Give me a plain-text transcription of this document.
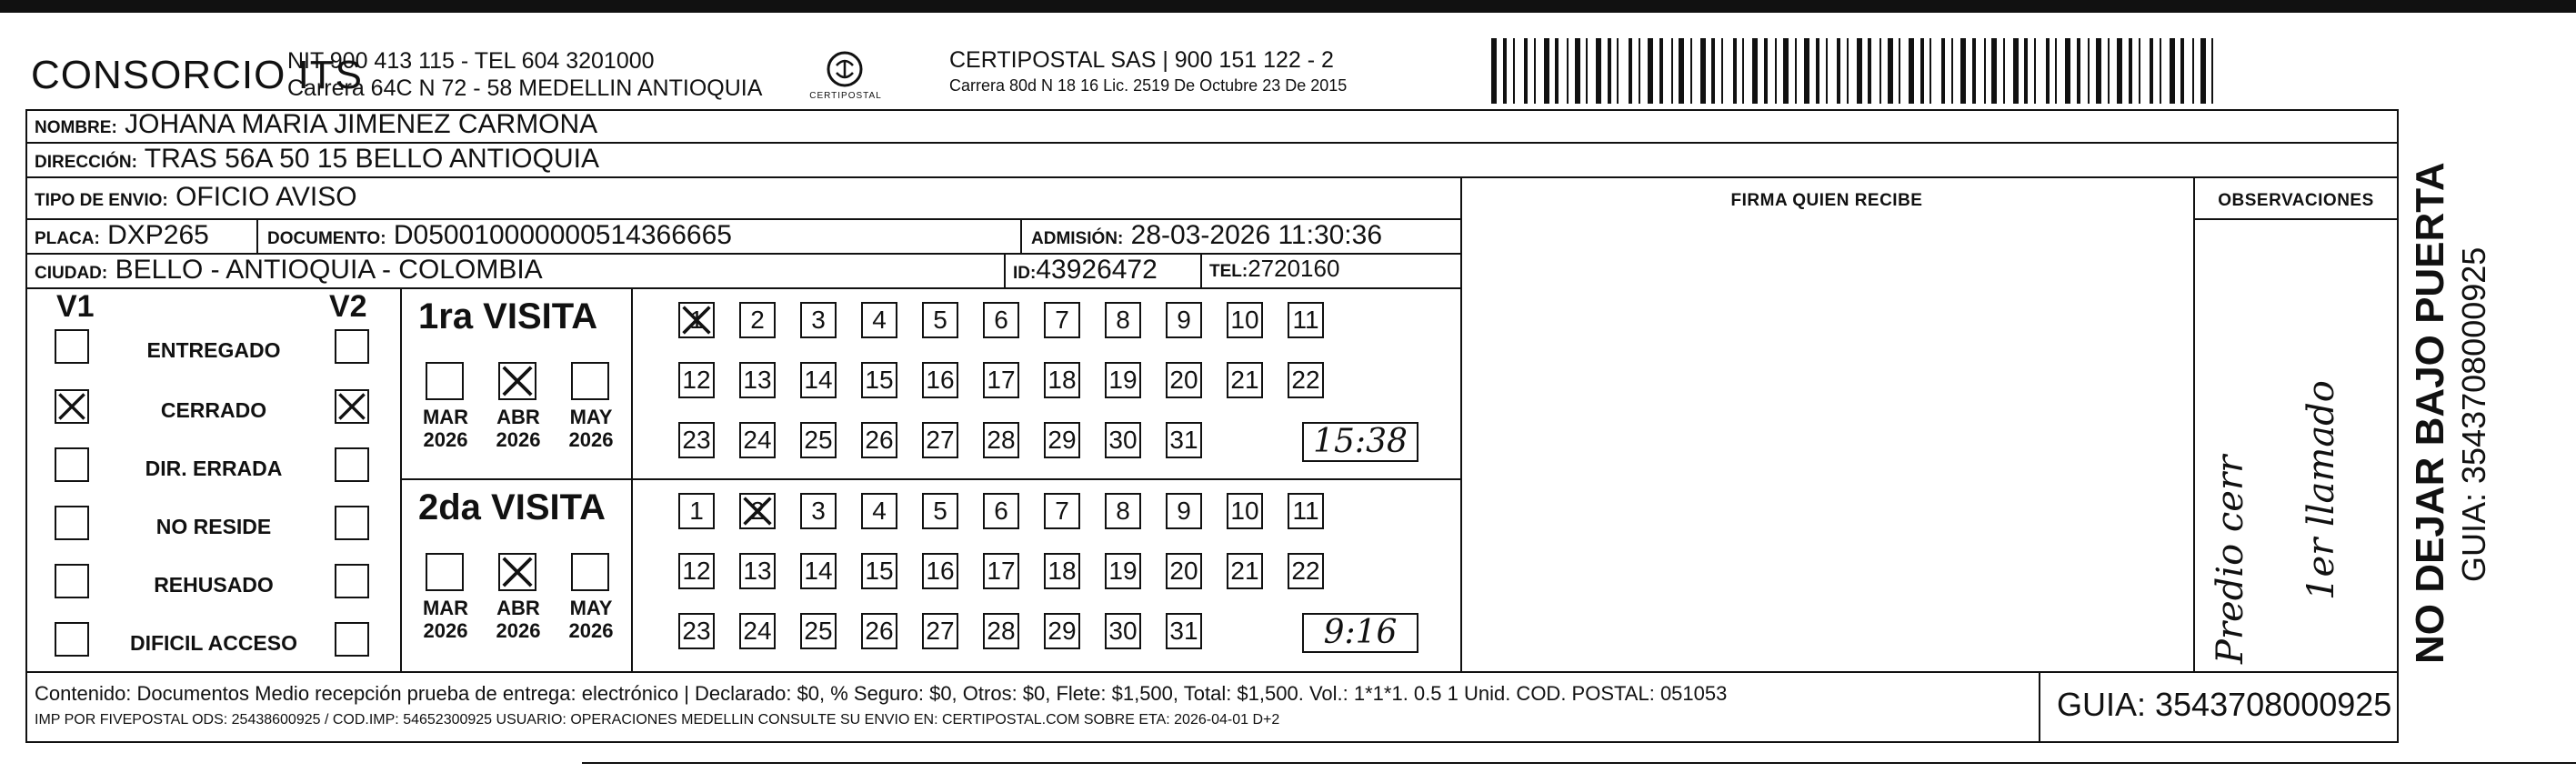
CONSORCIO ITS
NIT 900 413 115 - TEL 604 3201000
Carrera 64C N 72 - 58 MEDELLIN ANTIOQUIA	CERTIPOSTAL
CERTIPOSTAL SAS | 900 151 122 - 2
Carrera 80d N 18 16 Lic. 2519 De Octubre 23 De 2015
NOMBRE: JOHANA MARIA JIMENEZ CARMONA
DIRECCIÓN: TRAS 56A 50 15 BELLO ANTIOQUIA
TIPO DE ENVIO: OFICIO AVISO	FIRMA QUIEN RECIBE	OBSERVACIONES
PLACA: DXP265	DOCUMENTO: D050010000000514366665	ADMISIÓN: 28-03-2026 11:30:36
CIUDAD: BELLO - ANTIOQUIA - COLOMBIA	ID:43926472	TEL:2720160
V1	V2
ENTREGADO
CERRADO
DIR. ERRADA
NO RESIDE
REHUSADO
DIFICIL ACCESO
1ra VISITA
MAR
2026
ABR
2026
MAY
2026
1	2	3	4	5	6	7	8	9	10 11
12 13 14 15 16 17 18 19 20 21 22
23 24 25 26 27 28 29 30 31	15:38
2da VISITA
MAR
2026
ABR
2026
MAY
2026
1	2	3	4	5	6	7	8	9	10 11
12 13 14 15 16 17 18 19 20 21 22
23 24 25 26 27 28 29 30 31	9:16	Predio cerr 1er llamado
Contenido: Documentos Medio recepción prueba de entrega: electrónico | Declarado: $0, % Seguro: $0, Otros: $0, Flete: $1,500, Total: $1,500. Vol.: 1*1*1. 0.5 1 Unid. COD. POSTAL: 051053
IMP POR FIVEPOSTAL ODS: 25438600925 / COD.IMP: 54652300925 USUARIO: OPERACIONES MEDELLIN CONSULTE SU ENVIO EN: CERTIPOSTAL.COM SOBRE ETA: 2026-04-01 D+2	GUIA: 3543708000925
NO DEJAR BAJO PUERTA GUIA: 3543708000925
